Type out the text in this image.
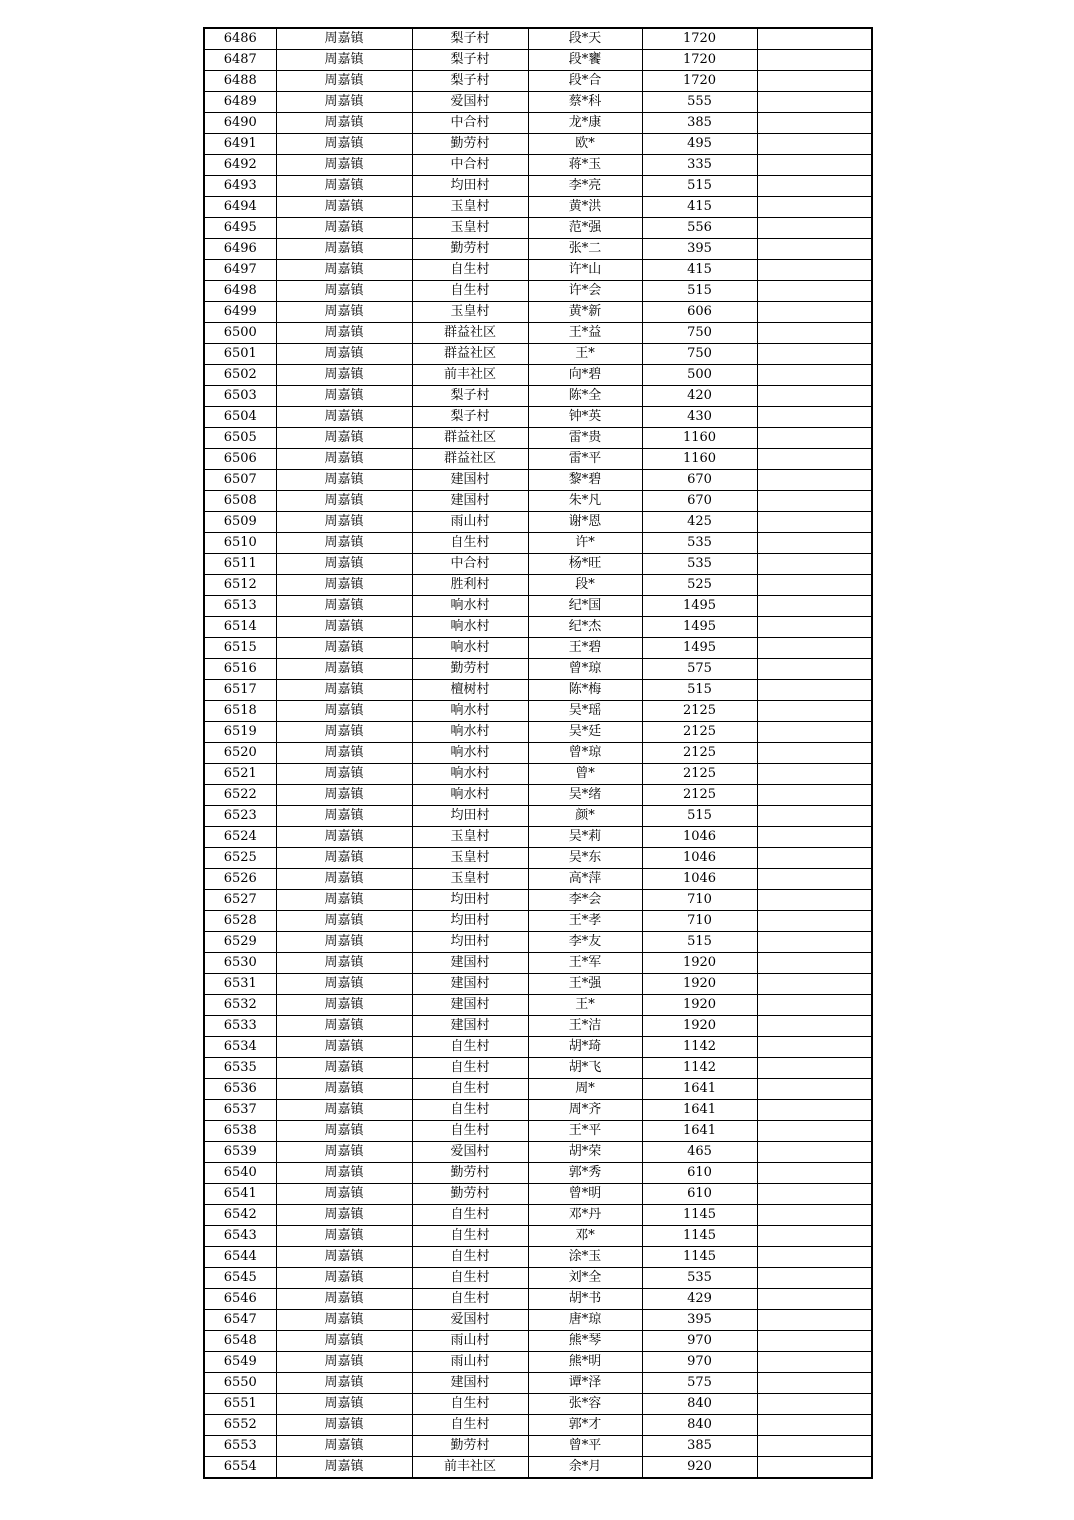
6486	周嘉镇	梨子村	段*天	1720	
6487	周嘉镇	梨子村	段*饔	1720	
6488	周嘉镇	梨子村	段*合	1720	
6489	周嘉镇	爱国村	蔡*科	555	
6490	周嘉镇	中合村	龙*康	385	
6491	周嘉镇	勤劳村	欧*	495	
6492	周嘉镇	中合村	蒋*玉	335	
6493	周嘉镇	均田村	李*亮	515	
6494	周嘉镇	玉皇村	黄*洪	415	
6495	周嘉镇	玉皇村	范*强	556	
6496	周嘉镇	勤劳村	张*二	395	
6497	周嘉镇	自生村	许*山	415	
6498	周嘉镇	自生村	许*会	515	
6499	周嘉镇	玉皇村	黄*新	606	
6500	周嘉镇	群益社区	王*益	750	
6501	周嘉镇	群益社区	王*	750	
6502	周嘉镇	前丰社区	向*碧	500	
6503	周嘉镇	梨子村	陈*全	420	
6504	周嘉镇	梨子村	钟*英	430	
6505	周嘉镇	群益社区	雷*贵	1160	
6506	周嘉镇	群益社区	雷*平	1160	
6507	周嘉镇	建国村	黎*碧	670	
6508	周嘉镇	建国村	朱*凡	670	
6509	周嘉镇	雨山村	谢*恩	425	
6510	周嘉镇	自生村	许*	535	
6511	周嘉镇	中合村	杨*旺	535	
6512	周嘉镇	胜利村	段*	525	
6513	周嘉镇	响水村	纪*国	1495	
6514	周嘉镇	响水村	纪*杰	1495	
6515	周嘉镇	响水村	王*碧	1495	
6516	周嘉镇	勤劳村	曾*琼	575	
6517	周嘉镇	檀树村	陈*梅	515	
6518	周嘉镇	响水村	吴*瑶	2125	
6519	周嘉镇	响水村	吴*廷	2125	
6520	周嘉镇	响水村	曾*琼	2125	
6521	周嘉镇	响水村	曾*	2125	
6522	周嘉镇	响水村	吴*绪	2125	
6523	周嘉镇	均田村	颜*	515	
6524	周嘉镇	玉皇村	吴*莉	1046	
6525	周嘉镇	玉皇村	吴*东	1046	
6526	周嘉镇	玉皇村	高*萍	1046	
6527	周嘉镇	均田村	李*会	710	
6528	周嘉镇	均田村	王*孝	710	
6529	周嘉镇	均田村	李*友	515	
6530	周嘉镇	建国村	王*军	1920	
6531	周嘉镇	建国村	王*强	1920	
6532	周嘉镇	建国村	王*	1920	
6533	周嘉镇	建国村	王*洁	1920	
6534	周嘉镇	自生村	胡*琦	1142	
6535	周嘉镇	自生村	胡*飞	1142	
6536	周嘉镇	自生村	周*	1641	
6537	周嘉镇	自生村	周*齐	1641	
6538	周嘉镇	自生村	王*平	1641	
6539	周嘉镇	爱国村	胡*荣	465	
6540	周嘉镇	勤劳村	郭*秀	610	
6541	周嘉镇	勤劳村	曾*明	610	
6542	周嘉镇	自生村	邓*丹	1145	
6543	周嘉镇	自生村	邓*	1145	
6544	周嘉镇	自生村	涂*玉	1145	
6545	周嘉镇	自生村	刘*全	535	
6546	周嘉镇	自生村	胡*书	429	
6547	周嘉镇	爱国村	唐*琼	395	
6548	周嘉镇	雨山村	熊*琴	970	
6549	周嘉镇	雨山村	熊*明	970	
6550	周嘉镇	建国村	谭*泽	575	
6551	周嘉镇	自生村	张*容	840	
6552	周嘉镇	自生村	郭*才	840	
6553	周嘉镇	勤劳村	曾*平	385	
6554	周嘉镇	前丰社区	余*月	920	
